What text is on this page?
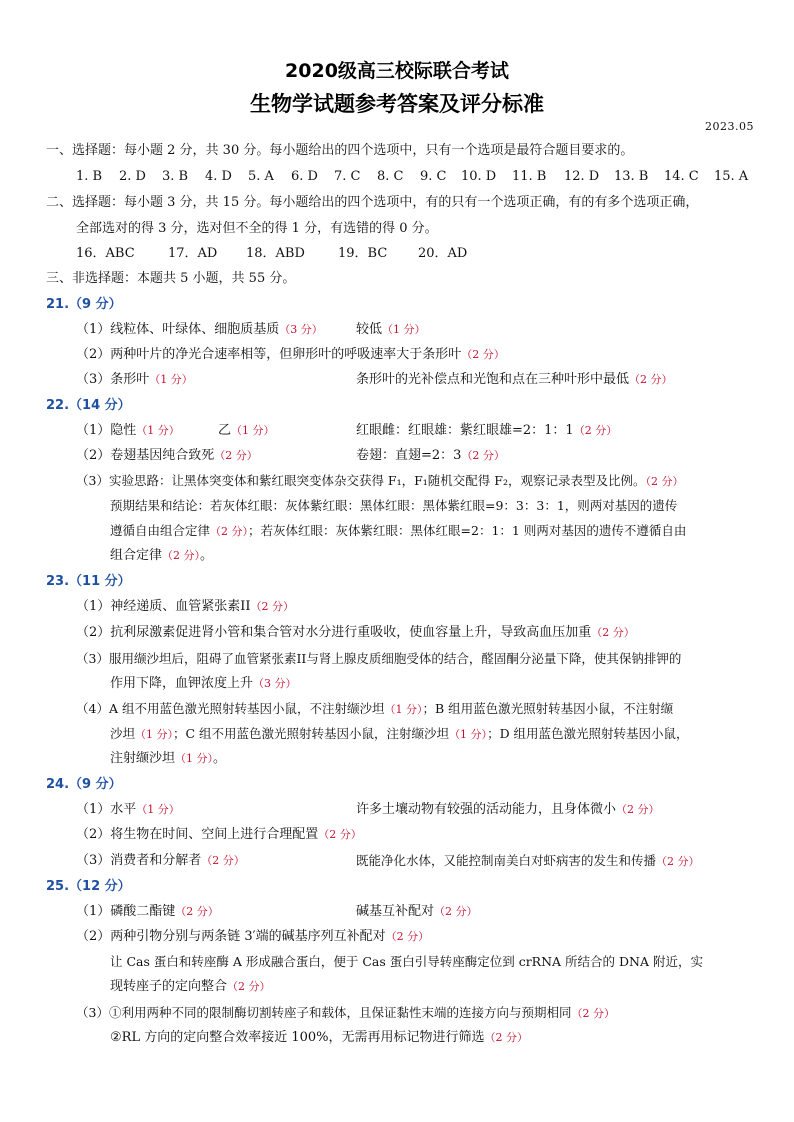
2020级高三校际联合考试
生物学试题参考答案及评分标准
2023.05
一、选择题：每小题 2 分，共 30 分。每小题给出的四个选项中，只有一个选项是最符合题目要求的。
1. B 2. D 3. B 4. D 5. A 6. D 7. C 8. C 9. C 10. D 11. B 12. D 13. B 14. C 15. A
二、选择题：每小题 3 分，共 15 分。每小题给出的四个选项中，有的只有一个选项正确，有的有多个选项正确，
全部选对的得 3 分，选对但不全的得 1 分，有选错的得 0 分。
16．ABC	17．AD 18．ABD	19．BC 20．AD
三、非选择题：本题共 5 小题，共 55 分。
21.（9 分）
（1）线粒体、叶绿体、细胞质基质（3 分）	较低（1 分）
（2）两种叶片的净光合速率相等，但卵形叶的呼吸速率大于条形叶（2 分）
（3）条形叶（1 分）	条形叶的光补偿点和光饱和点在三种叶形中最低（2 分）
22.（14 分）
（1）隐性（1 分）	乙（1 分）	红眼雌：红眼雄：紫红眼雄=2：1：1（2 分）
（2）卷翅基因纯合致死（2 分）	卷翅：直翅=2：3（2 分）
（3）实验思路：让黑体突变体和紫红眼突变体杂交获得 F₁，F₁随机交配得 F₂，观察记录表型及比例。（2 分）
预期结果和结论：若灰体红眼：灰体紫红眼：黑体红眼：黑体紫红眼=9：3：3：1，则两对基因的遗传
遵循自由组合定律（2 分）；若灰体红眼：灰体紫红眼：黑体红眼=2：1：1 则两对基因的遗传不遵循自由
组合定律（2 分）。
23.（11 分）
（1）神经递质、血管紧张素II（2 分）
（2）抗利尿激素促进肾小管和集合管对水分进行重吸收，使血容量上升，导致高血压加重（2 分）
（3）服用缬沙坦后，阻碍了血管紧张素II与肾上腺皮质细胞受体的结合，醛固酮分泌量下降，使其保钠排钾的
作用下降，血钾浓度上升（3 分）
（4）A 组不用蓝色激光照射转基因小鼠，不注射缬沙坦（1 分）；B 组用蓝色激光照射转基因小鼠，不注射缬
沙坦（1 分）；C 组不用蓝色激光照射转基因小鼠，注射缬沙坦（1 分）；D 组用蓝色激光照射转基因小鼠，
注射缬沙坦（1 分）。
24.（9 分）
（1）水平（1 分）	许多土壤动物有较强的活动能力，且身体微小（2 分）
（2）将生物在时间、空间上进行合理配置（2 分）
（3）消费者和分解者（2 分）	既能净化水体，又能控制南美白对虾病害的发生和传播（2 分）
25.（12 分）
（1）磷酸二酯键（2 分）	碱基互补配对（2 分）
（2）两种引物分别与两条链 3′端的碱基序列互补配对（2 分）
让 Cas 蛋白和转座酶 A 形成融合蛋白，便于 Cas 蛋白引导转座酶定位到 crRNA 所结合的 DNA 附近，实
现转座子的定向整合（2 分）
（3）①利用两种不同的限制酶切割转座子和载体，且保证黏性末端的连接方向与预期相同（2 分）
②RL 方向的定向整合效率接近 100%，无需再用标记物进行筛选（2 分）
